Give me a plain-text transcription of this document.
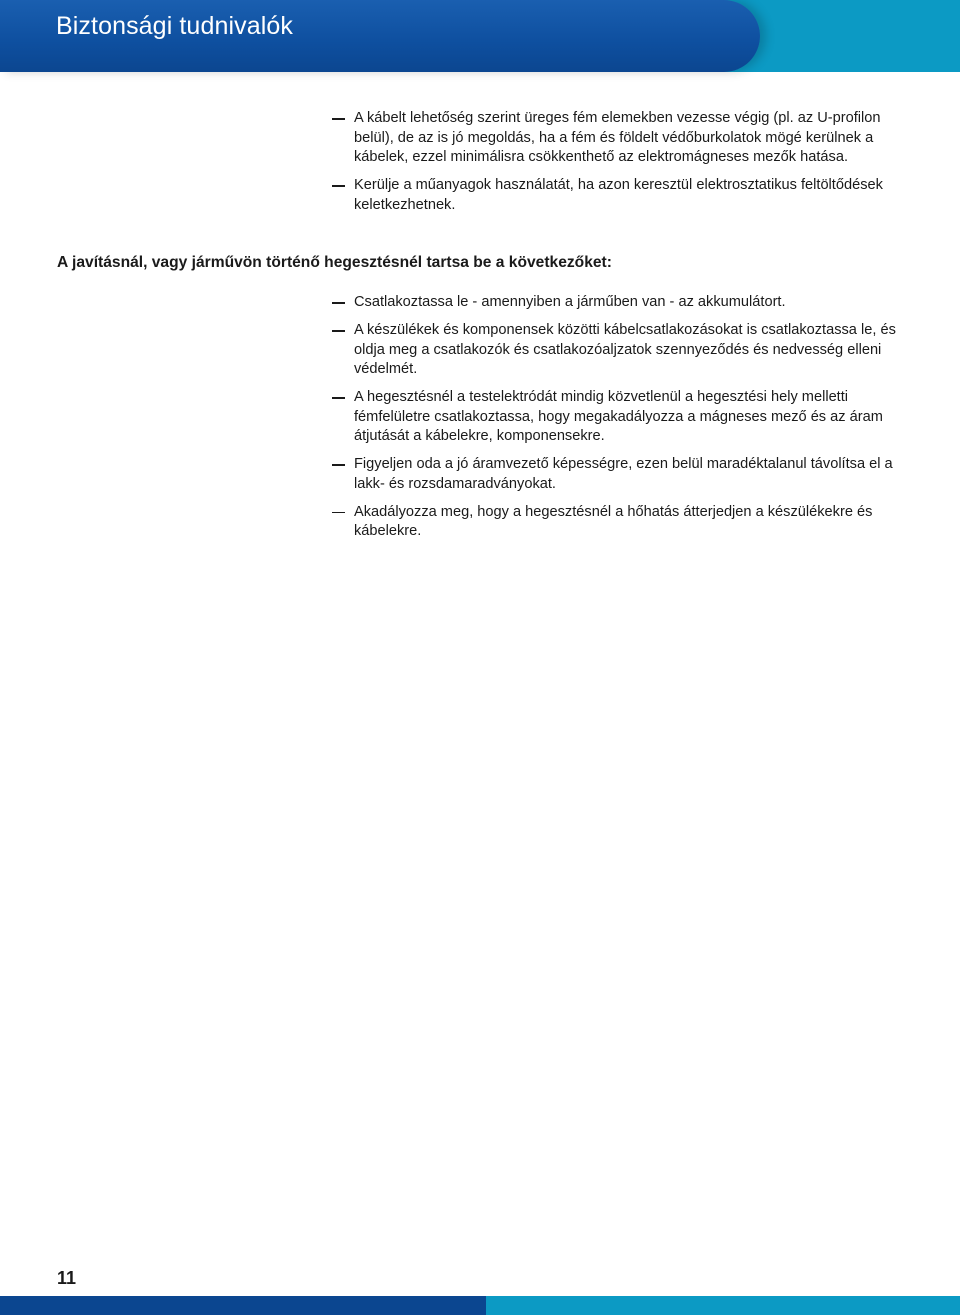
Biztonsági tudnivalók
A kábelt lehetőség szerint üreges fém elemekben vezesse végig (pl. az U-profilon belül), de az is jó megoldás, ha a fém és földelt védőburkolatok mögé kerülnek a kábelek, ezzel minimálisra csökkenthető az elektromágneses mezők hatása.
Kerülje a műanyagok használatát, ha azon keresztül elektrosztatikus feltöltődések keletkezhetnek.
A javításnál, vagy járművön történő hegesztésnél tartsa be a következőket:
Csatlakoztassa le - amennyiben a járműben van - az akkumulátort.
A készülékek és komponensek közötti kábelcsatlakozásokat is csatlakoztassa le, és oldja meg a csatlakozók és csatlakozóaljzatok szennyeződés és nedvesség elleni védelmét.
A hegesztésnél a testelektródát mindig közvetlenül a hegesztési hely melletti fémfelületre csatlakoztassa, hogy megakadályozza a mágneses mező és az áram átjutását a kábelekre, komponensekre.
Figyeljen oda a jó áramvezető képességre, ezen belül maradéktalanul távolítsa el a lakk- és rozsdamaradványokat.
Akadályozza meg, hogy a hegesztésnél a hőhatás átterjedjen a készülékekre és kábelekre.
11
